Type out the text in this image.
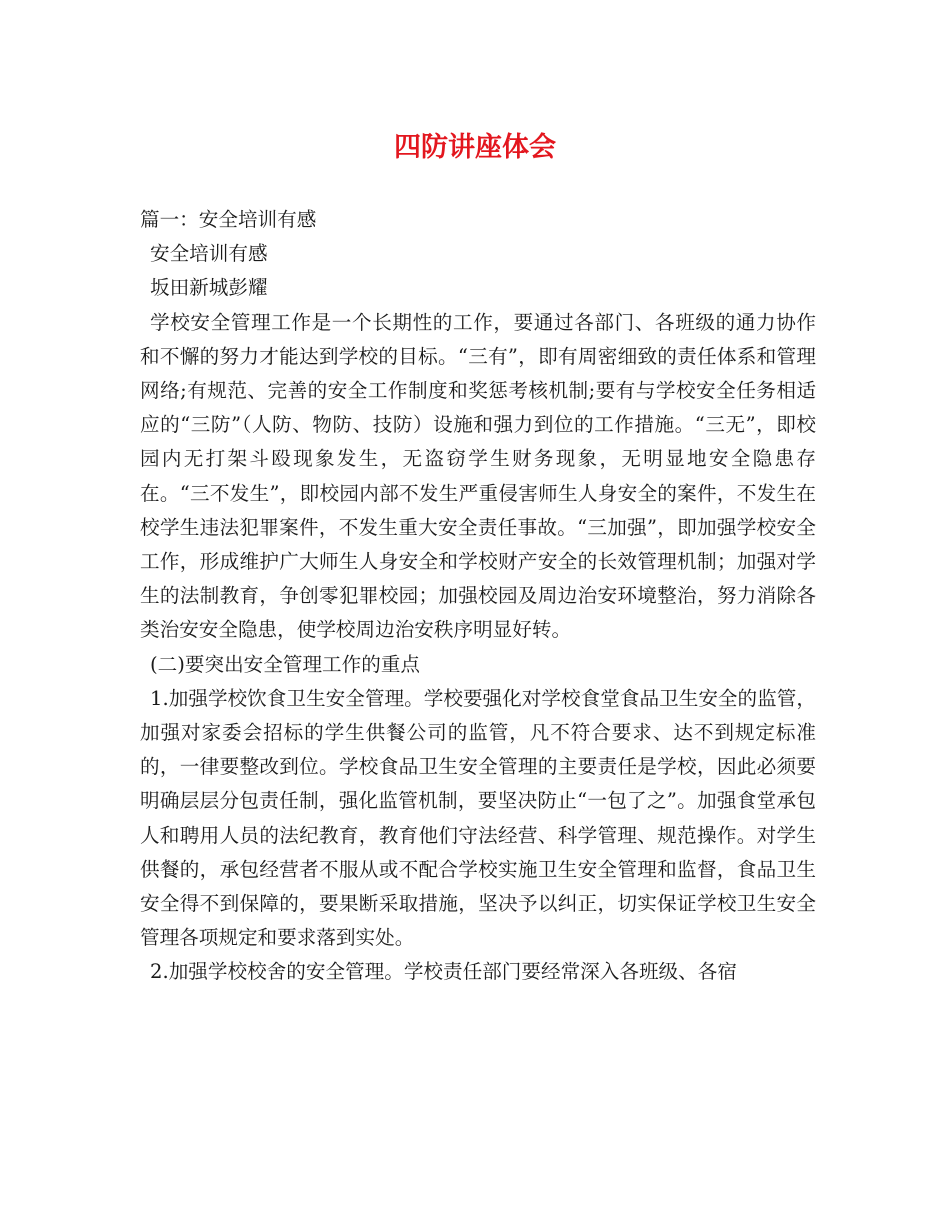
四防讲座体会

篇一：安全培训有感

安全培训有感

坂田新城彭耀

学校安全管理工作是一个长期性的工作，要通过各部门、各班级的通力协作和不懈的努力才能达到学校的目标。“三有”，即有周密细致的责任体系和管理网络;有规范、完善的安全工作制度和奖惩考核机制;要有与学校安全任务相适应的“三防”（人防、物防、技防）设施和强力到位的工作措施。“三无”，即校园内无打架斗殴现象发生，无盗窃学生财务现象，无明显地安全隐患存在。“三不发生”，即校园内部不发生严重侵害师生人身安全的案件，不发生在校学生违法犯罪案件，不发生重大安全责任事故。“三加强”，即加强学校安全工作，形成维护广大师生人身安全和学校财产安全的长效管理机制；加强对学生的法制教育，争创零犯罪校园；加强校园及周边治安环境整治，努力消除各类治安安全隐患，使学校周边治安秩序明显好转。

(二)要突出安全管理工作的重点

1.加强学校饮食卫生安全管理。学校要强化对学校食堂食品卫生安全的监管，加强对家委会招标的学生供餐公司的监管，凡不符合要求、达不到规定标准的，一律要整改到位。学校食品卫生安全管理的主要责任是学校，因此必须要明确层层分包责任制，强化监管机制，要坚决防止“一包了之”。加强食堂承包人和聘用人员的法纪教育，教育他们守法经营、科学管理、规范操作。对学生供餐的，承包经营者不服从或不配合学校实施卫生安全管理和监督，食品卫生安全得不到保障的，要果断采取措施，坚决予以纠正，切实保证学校卫生安全管理各项规定和要求落到实处。

2.加强学校校舍的安全管理。学校责任部门要经常深入各班级、各宿
